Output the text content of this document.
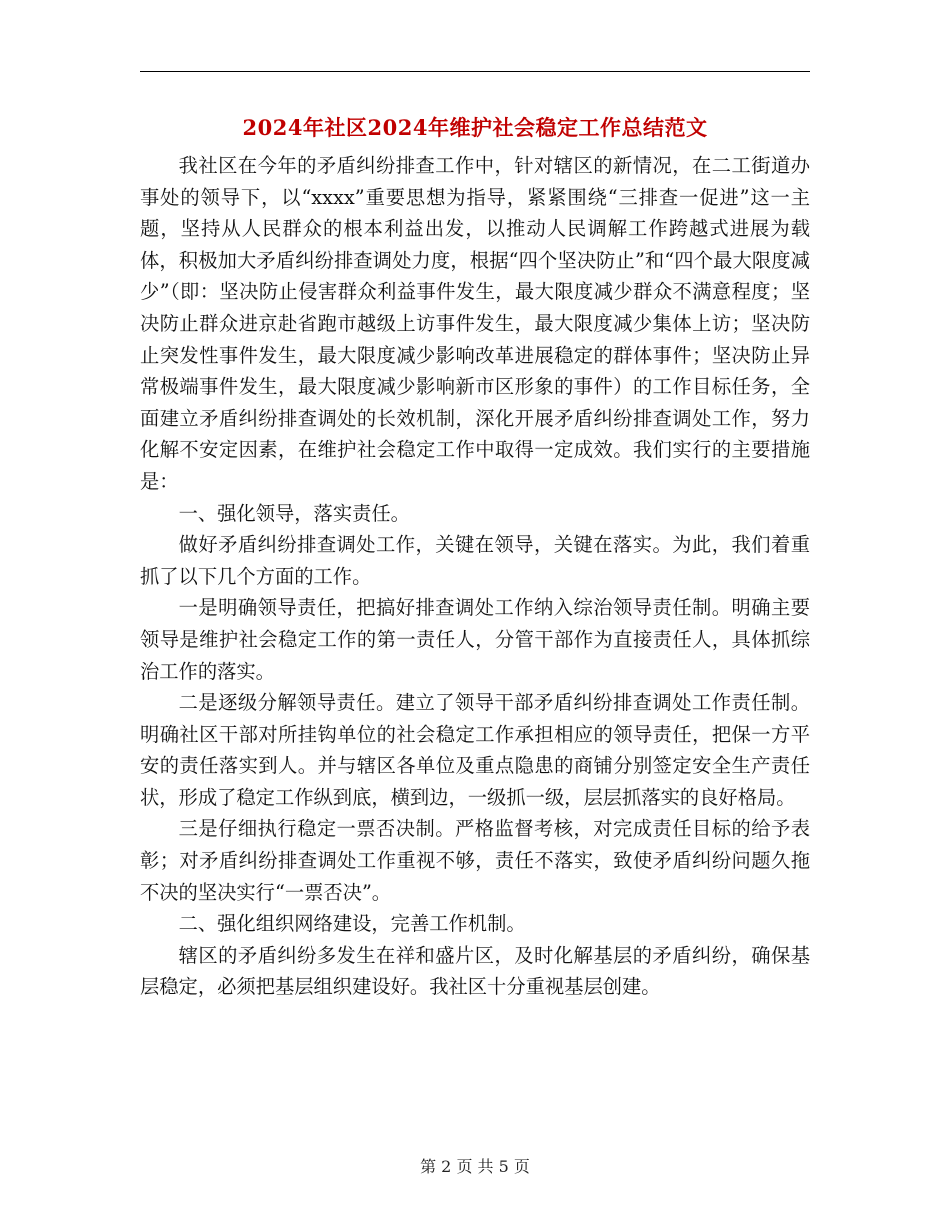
2024年社区2024年维护社会稳定工作总结范文

我社区在今年的矛盾纠纷排查工作中，针对辖区的新情况，在二工街道办事处的领导下，以“xxxx”重要思想为指导，紧紧围绕“三排查一促进”这一主题，坚持从人民群众的根本利益出发，以推动人民调解工作跨越式进展为载体，积极加大矛盾纠纷排查调处力度，根据“四个坚决防止”和“四个最大限度减少”（即：坚决防止侵害群众利益事件发生，最大限度减少群众不满意程度；坚决防止群众进京赴省跑市越级上访事件发生，最大限度减少集体上访；坚决防止突发性事件发生，最大限度减少影响改革进展稳定的群体事件；坚决防止异常极端事件发生，最大限度减少影响新市区形象的事件）的工作目标任务，全面建立矛盾纠纷排查调处的长效机制，深化开展矛盾纠纷排查调处工作，努力化解不安定因素，在维护社会稳定工作中取得一定成效。我们实行的主要措施是：

一、强化领导，落实责任。

做好矛盾纠纷排查调处工作，关键在领导，关键在落实。为此，我们着重抓了以下几个方面的工作。

一是明确领导责任，把搞好排查调处工作纳入综治领导责任制。明确主要领导是维护社会稳定工作的第一责任人，分管干部作为直接责任人，具体抓综治工作的落实。

二是逐级分解领导责任。建立了领导干部矛盾纠纷排查调处工作责任制。明确社区干部对所挂钩单位的社会稳定工作承担相应的领导责任，把保一方平安的责任落实到人。并与辖区各单位及重点隐患的商铺分别签定安全生产责任状，形成了稳定工作纵到底，横到边，一级抓一级，层层抓落实的良好格局。

三是仔细执行稳定一票否决制。严格监督考核，对完成责任目标的给予表彰；对矛盾纠纷排查调处工作重视不够，责任不落实，致使矛盾纠纷问题久拖不决的坚决实行“一票否决”。

二、强化组织网络建设，完善工作机制。

辖区的矛盾纠纷多发生在祥和盛片区，及时化解基层的矛盾纠纷，确保基层稳定，必须把基层组织建设好。我社区十分重视基层创建。

第 2 页 共 5 页
